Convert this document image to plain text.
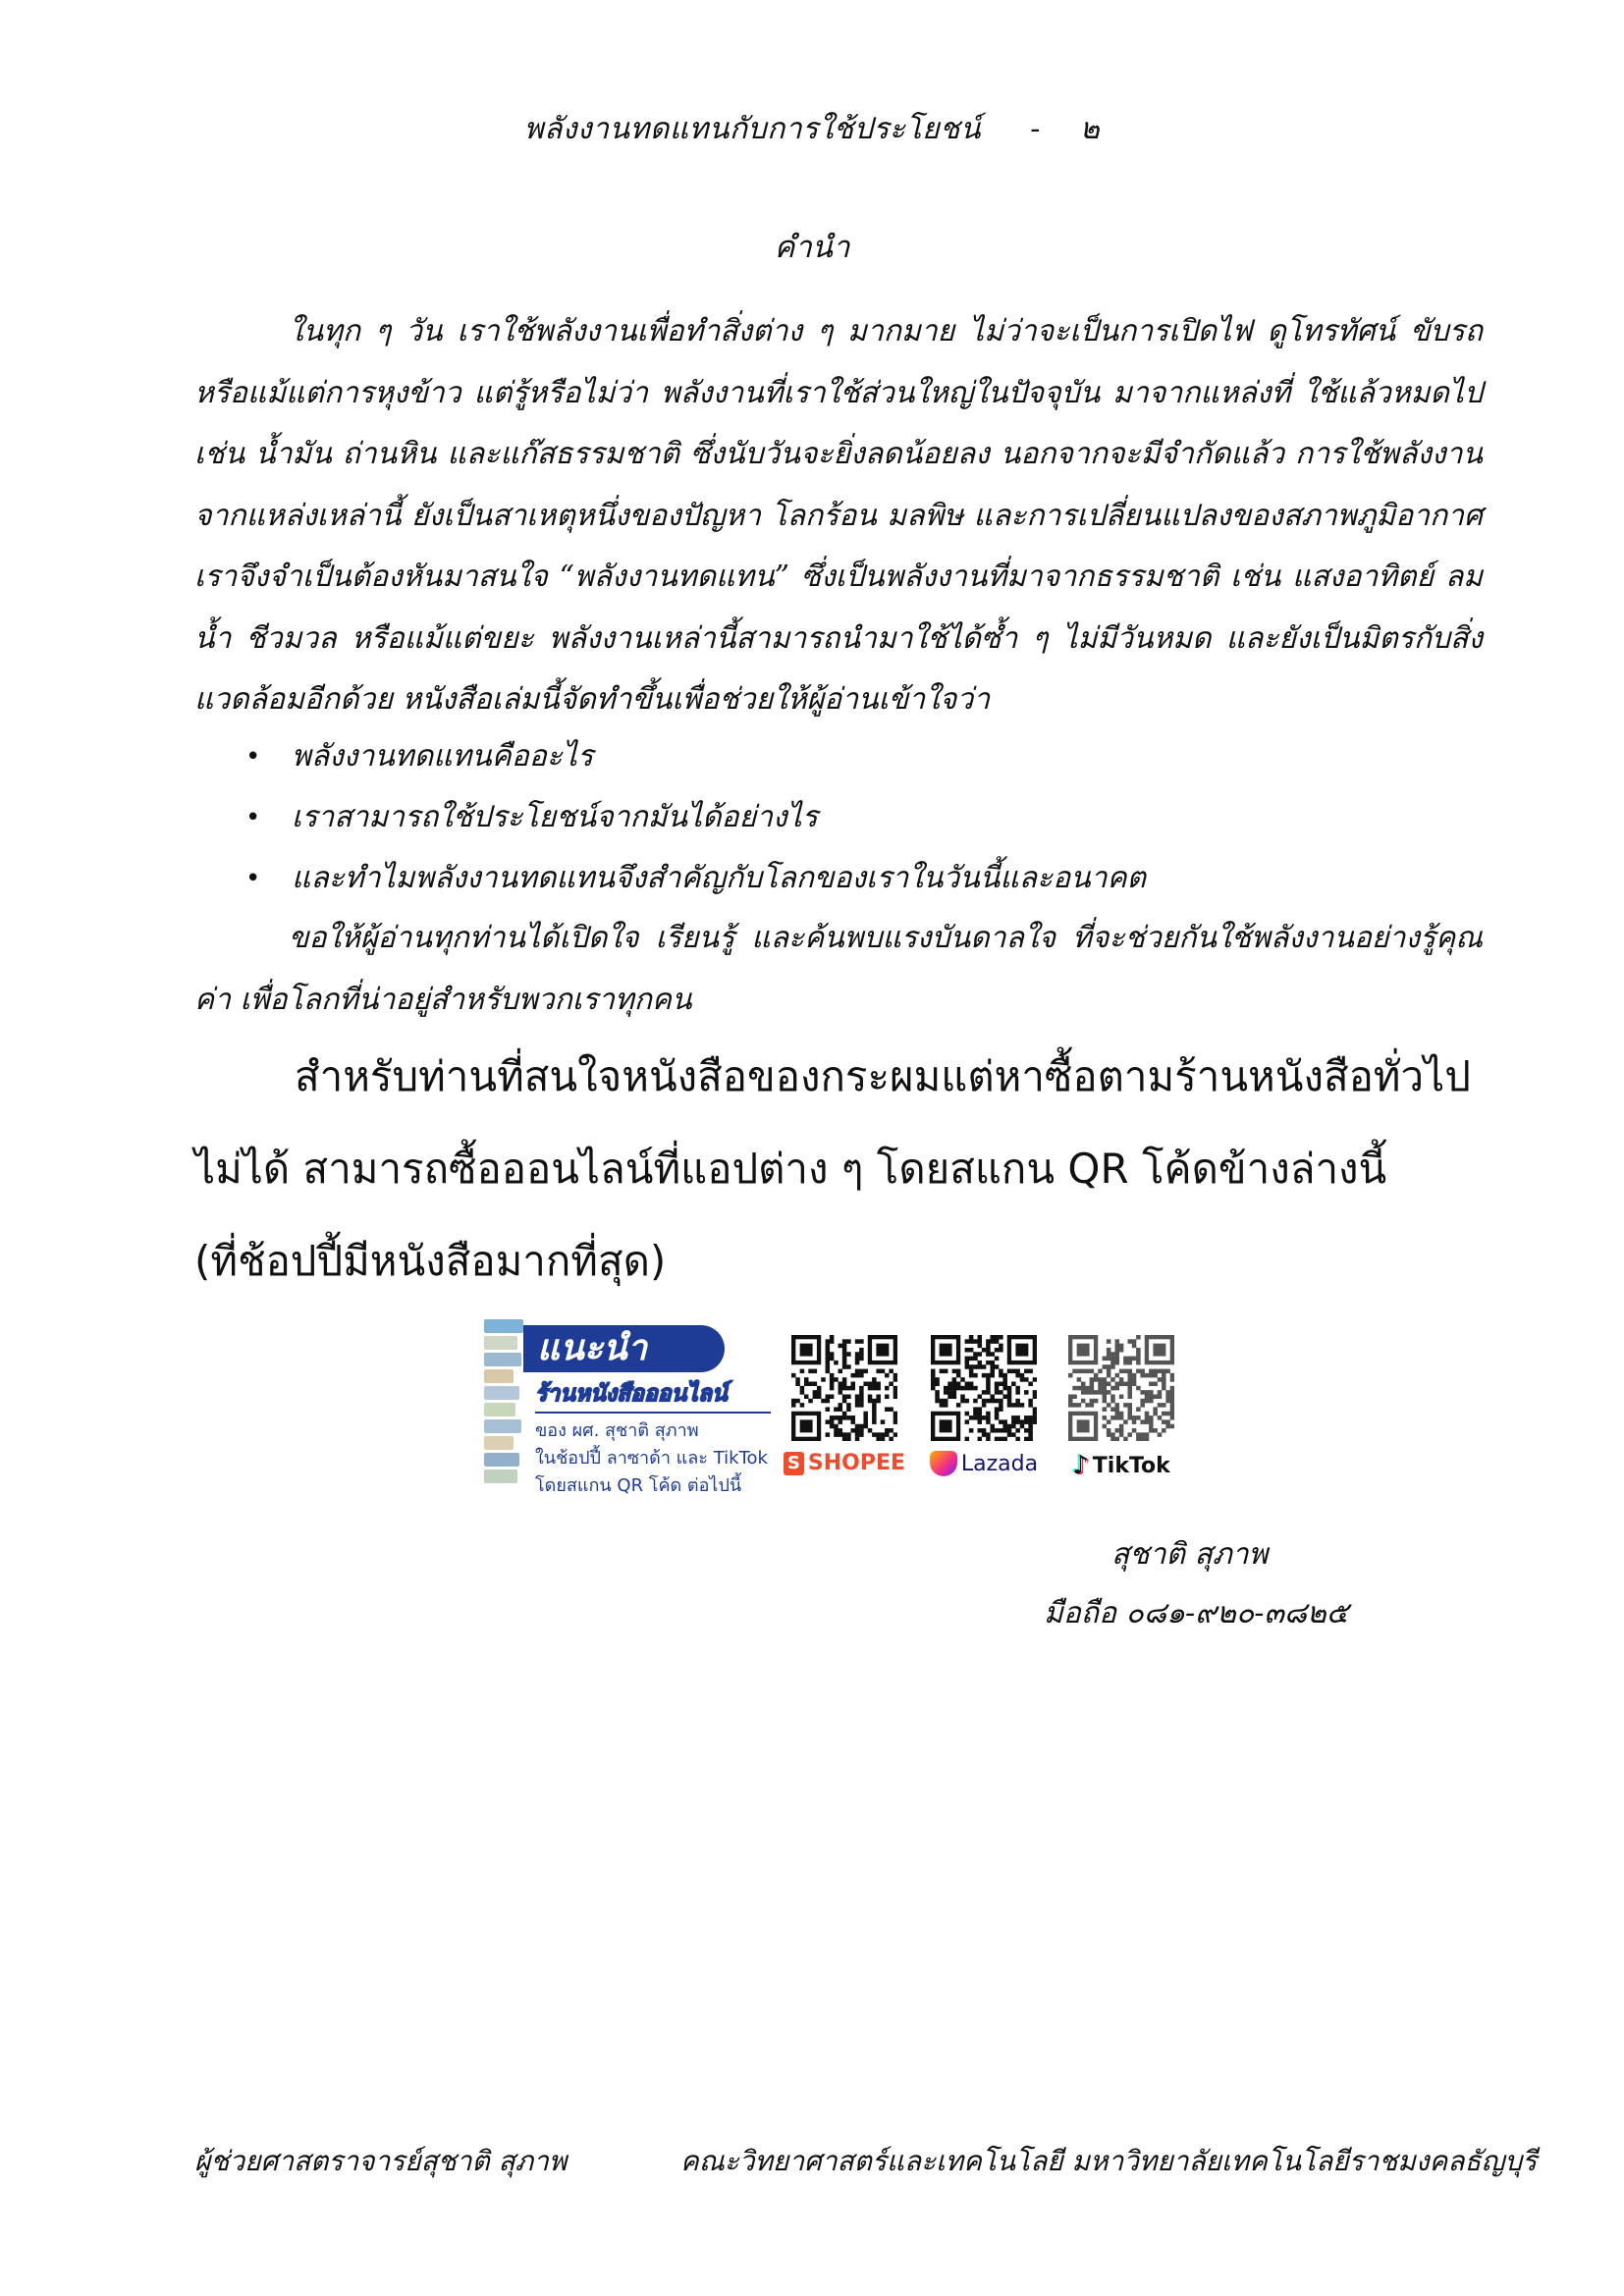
พลังงานทดแทนกับการใช้ประโยชน์ - ๒
คำนำ
ในทุก ๆ วัน เราใช้พลังงานเพื่อทำสิ่งต่าง ๆ มากมาย ไม่ว่าจะเป็นการเปิดไฟ ดูโทรทัศน์ ขับรถ หรือแม้แต่การหุงข้าว แต่รู้หรือไม่ว่า พลังงานที่เราใช้ส่วนใหญ่ในปัจจุบัน มาจากแหล่งที่ ใช้แล้วหมดไป เช่น น้ำมัน ถ่านหิน และแก๊สธรรมชาติ ซึ่งนับวันจะยิ่งลดน้อยลง นอกจากจะมีจำกัดแล้ว การใช้พลังงานจากแหล่งเหล่านี้ ยังเป็นสาเหตุหนึ่งของปัญหา โลกร้อน มลพิษ และการเปลี่ยนแปลงของสภาพภูมิอากาศ เราจึงจำเป็นต้องหันมาสนใจ “พลังงานทดแทน” ซึ่งเป็นพลังงานที่มาจากธรรมชาติ เช่น แสงอาทิตย์ ลม น้ำ ชีวมวล หรือแม้แต่ขยะ พลังงานเหล่านี้สามารถนำมาใช้ได้ซ้ำ ๆ ไม่มีวันหมด และยังเป็นมิตรกับสิ่งแวดล้อมอีกด้วย หนังสือเล่มนี้จัดทำขึ้นเพื่อช่วยให้ผู้อ่านเข้าใจว่า
• พลังงานทดแทนคืออะไร
• เราสามารถใช้ประโยชน์จากมันได้อย่างไร
• และทำไมพลังงานทดแทนจึงสำคัญกับโลกของเราในวันนี้และอนาคต
ขอให้ผู้อ่านทุกท่านได้เปิดใจ เรียนรู้ และค้นพบแรงบันดาลใจ ที่จะช่วยกันใช้พลังงานอย่างรู้คุณค่า เพื่อโลกที่น่าอยู่สำหรับพวกเราทุกคน
สำหรับท่านที่สนใจหนังสือของกระผมแต่หาซื้อตามร้านหนังสือทั่วไป
ไม่ได้ สามารถซื้อออนไลน์ที่แอปต่าง ๆ โดยสแกน QR โค้ดข้างล่างนี้
(ที่ช้อปปี้มีหนังสือมากที่สุด)
แนะนำ
ร้านหนังสือออนไลน์
ของ ผศ. สุชาติ สุภาพ
ในช้อปปี้ ลาซาด้า และ TikTok
โดยสแกน QR โค้ด ต่อไปนี้
S SHOPEE	Lazada ♪ TikTok
สุชาติ สุภาพ
มือถือ ๐๘๑-๙๒๐-๓๘๒๕
ผู้ช่วยศาสตราจารย์สุชาติ สุภาพ	คณะวิทยาศาสตร์และเทคโนโลยี มหาวิทยาลัยเทคโนโลยีราชมงคลธัญบุรี
